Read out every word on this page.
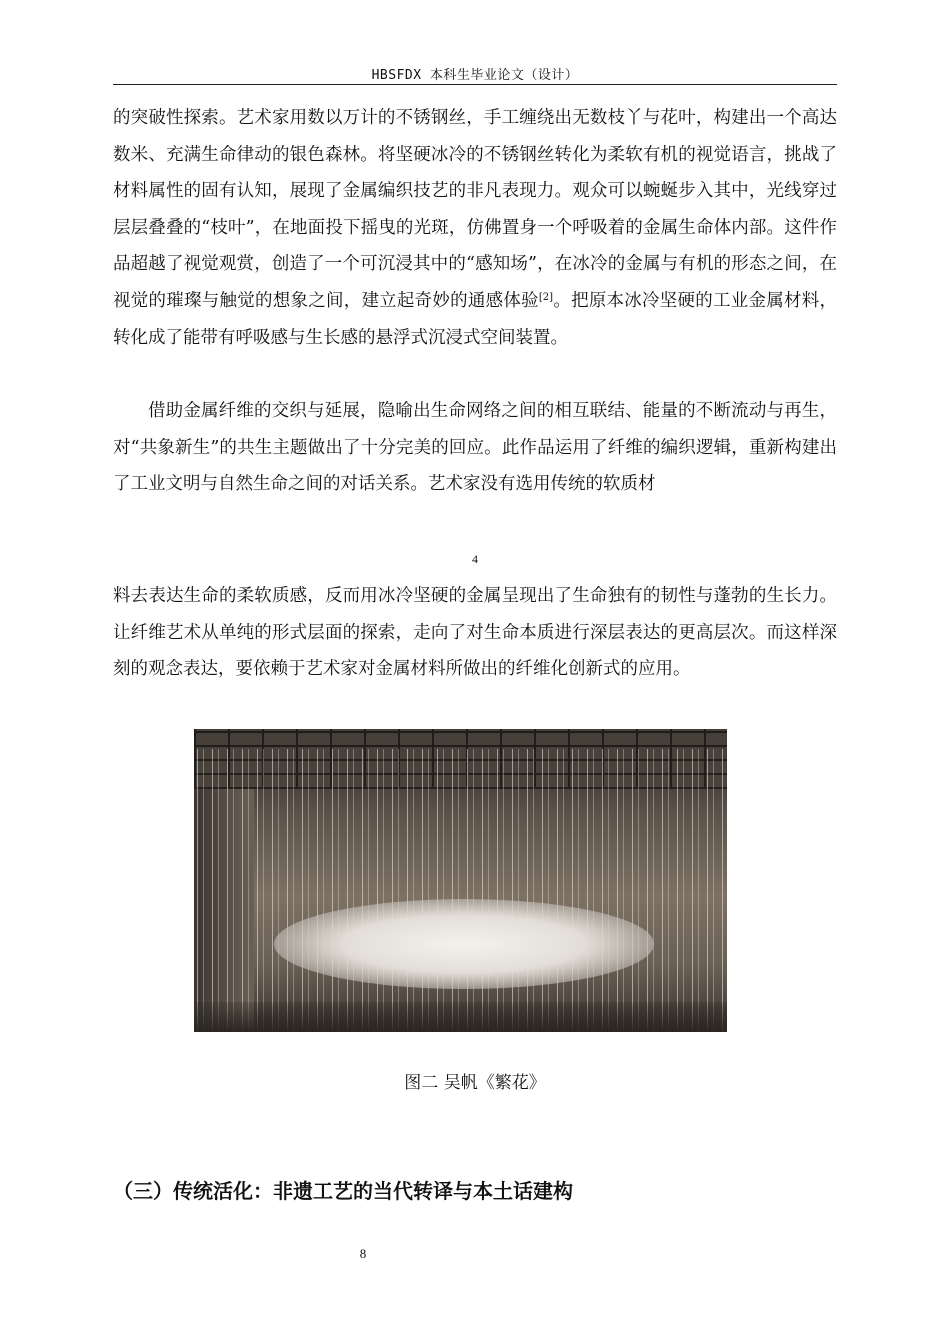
HBSFDX 本科生毕业论文（设计）

的突破性探索。艺术家用数以万计的不锈钢丝，手工缠绕出无数枝丫与花叶，构建出一个高达数米、充满生命律动的银色森林。将坚硬冰冷的不锈钢丝转化为柔软有机的视觉语言，挑战了材料属性的固有认知，展现了金属编织技艺的非凡表现力。观众可以蜿蜒步入其中，光线穿过层层叠叠的“枝叶”，在地面投下摇曳的光斑，仿佛置身一个呼吸着的金属生命体内部。这件作品超越了视觉观赏，创造了一个可沉浸其中的“感知场”，在冰冷的金属与有机的形态之间，在视觉的璀璨与触觉的想象之间，建立起奇妙的通感体验[2]。把原本冰冷坚硬的工业金属材料，转化成了能带有呼吸感与生长感的悬浮式沉浸式空间装置。

借助金属纤维的交织与延展，隐喻出生命网络之间的相互联结、能量的不断流动与再生，对“共象新生”的共生主题做出了十分完美的回应。此作品运用了纤维的编织逻辑，重新构建出了工业文明与自然生命之间的对话关系。艺术家没有选用传统的软质材

4

料去表达生命的柔软质感，反而用冰冷坚硬的金属呈现出了生命独有的韧性与蓬勃的生长力。让纤维艺术从单纯的形式层面的探索，走向了对生命本质进行深层表达的更高层次。而这样深刻的观念表达，要依赖于艺术家对金属材料所做出的纤维化创新式的应用。

图二 吴帆《繁花》
（三）传统活化：非遗工艺的当代转译与本土话建构
8
